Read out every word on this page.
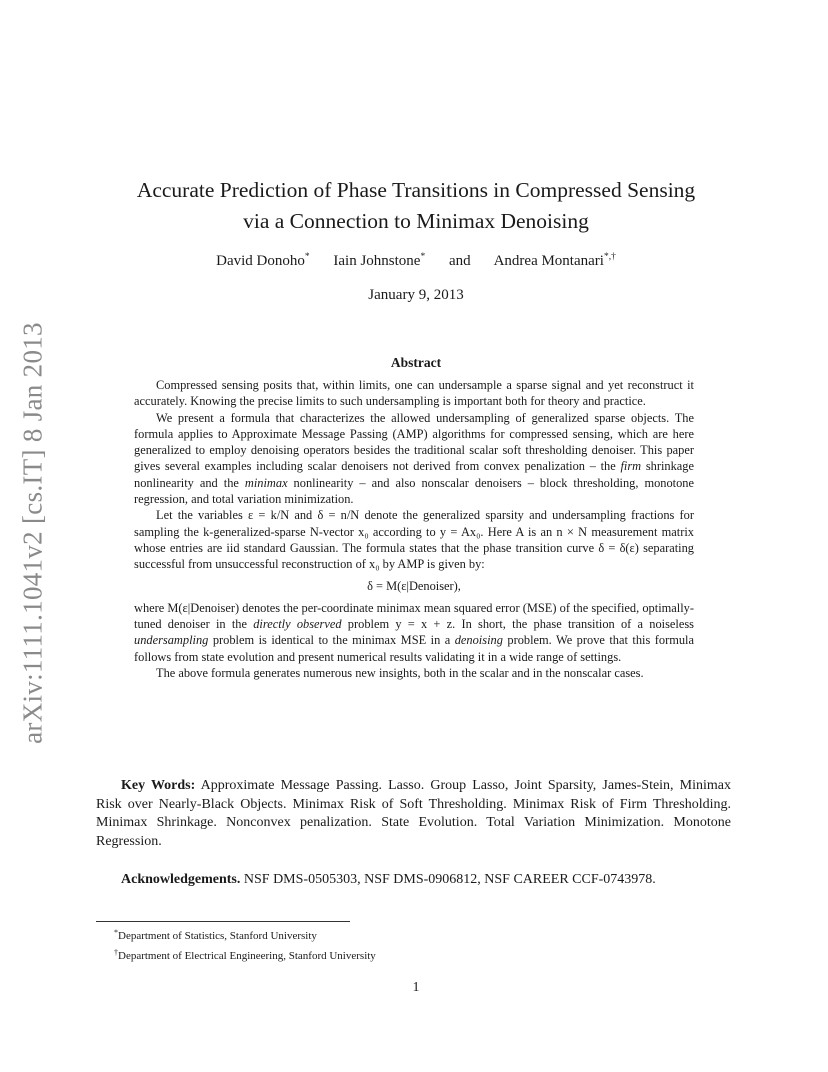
arXiv:1111.1041v2 [cs.IT] 8 Jan 2013
Accurate Prediction of Phase Transitions in Compressed Sensing
via a Connection to Minimax Denoising
David Donoho* Iain Johnstone* and Andrea Montanari*,†
January 9, 2013
Abstract

Compressed sensing posits that, within limits, one can undersample a sparse signal and yet reconstruct it accurately. Knowing the precise limits to such undersampling is important both for theory and practice.

We present a formula that characterizes the allowed undersampling of generalized sparse objects. The formula applies to Approximate Message Passing (AMP) algorithms for compressed sensing, which are here generalized to employ denoising operators besides the traditional scalar soft thresholding denoiser. This paper gives several examples including scalar denoisers not derived from convex penalization – the firm shrinkage nonlinearity and the minimax nonlinearity – and also nonscalar denoisers – block thresholding, monotone regression, and total variation minimization.

Let the variables ε = k/N and δ = n/N denote the generalized sparsity and undersampling fractions for sampling the k-generalized-sparse N-vector x₀ according to y = Ax₀. Here A is an n × N measurement matrix whose entries are iid standard Gaussian. The formula states that the phase transition curve δ = δ(ε) separating successful from unsuccessful reconstruction of x₀ by AMP is given by:

δ = M(ε|Denoiser),

where M(ε|Denoiser) denotes the per-coordinate minimax mean squared error (MSE) of the specified, optimally-tuned denoiser in the directly observed problem y = x + z. In short, the phase transition of a noiseless undersampling problem is identical to the minimax MSE in a denoising problem. We prove that this formula follows from state evolution and present numerical results validating it in a wide range of settings.

The above formula generates numerous new insights, both in the scalar and in the nonscalar cases.

Key Words: Approximate Message Passing. Lasso. Group Lasso, Joint Sparsity, James-Stein, Minimax Risk over Nearly-Black Objects. Minimax Risk of Soft Thresholding. Minimax Risk of Firm Thresholding. Minimax Shrinkage. Nonconvex penalization. State Evolution. Total Variation Minimization. Monotone Regression.
Acknowledgements. NSF DMS-0505303, NSF DMS-0906812, NSF CAREER CCF-0743978.
*Department of Statistics, Stanford University
†Department of Electrical Engineering, Stanford University
1
